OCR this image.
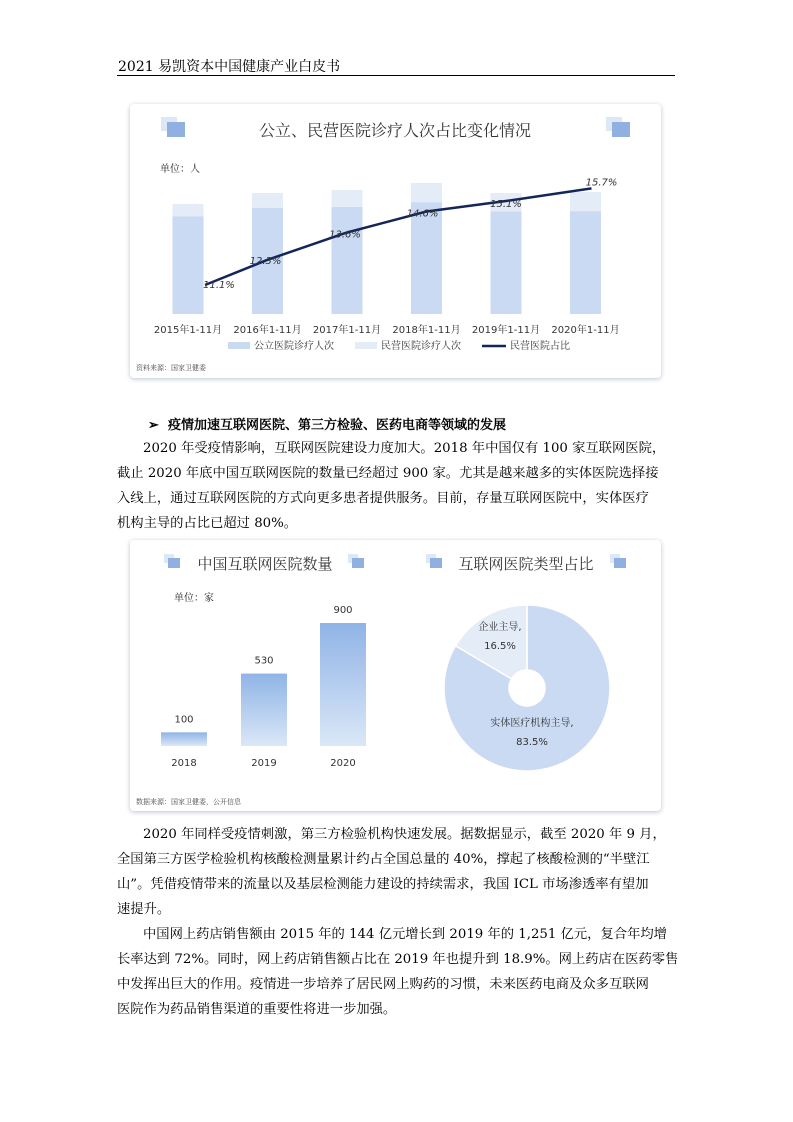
2021 易凯资本中国健康产业白皮书
公立、民营医院诊疗人次占比变化情况
单位：人
11.1%
12.3%
13.6%
14.6%
15.1%
15.7%
2015年1-11月 2016年1-11月 2017年1-11月 2018年1-11月 2019年1-11月 2020年1-11月
公立医院诊疗人次	民营医院诊疗人次	民营医院占比
资料来源：国家卫健委
➢ 疫情加速互联网医院、第三方检验、医药电商等领域的发展
2020 年受疫情影响，互联网医院建设力度加大。2018 年中国仅有 100 家互联网医院，
截止 2020 年底中国互联网医院的数量已经超过 900 家。尤其是越来越多的实体医院选择接
入线上，通过互联网医院的方式向更多患者提供服务。目前，存量互联网医院中，实体医疗
机构主导的占比已超过 80%。
中国互联网医院数量	互联网医院类型占比
单位：家
100
2018
530
2019
900
2020
企业主导,
16.5%
实体医疗机构主导,
83.5%
数据来源：国家卫健委，公开信息
2020 年同样受疫情刺激，第三方检验机构快速发展。据数据显示，截至 2020 年 9 月，
全国第三方医学检验机构核酸检测量累计约占全国总量的 40%，撑起了核酸检测的“半壁江
山”。凭借疫情带来的流量以及基层检测能力建设的持续需求，我国 ICL 市场渗透率有望加
速提升。
中国网上药店销售额由 2015 年的 144 亿元增长到 2019 年的 1,251 亿元，复合年均增
长率达到 72%。同时，网上药店销售额占比在 2019 年也提升到 18.9%。网上药店在医药零售
中发挥出巨大的作用。疫情进一步培养了居民网上购药的习惯，未来医药电商及众多互联网
医院作为药品销售渠道的重要性将进一步加强。
